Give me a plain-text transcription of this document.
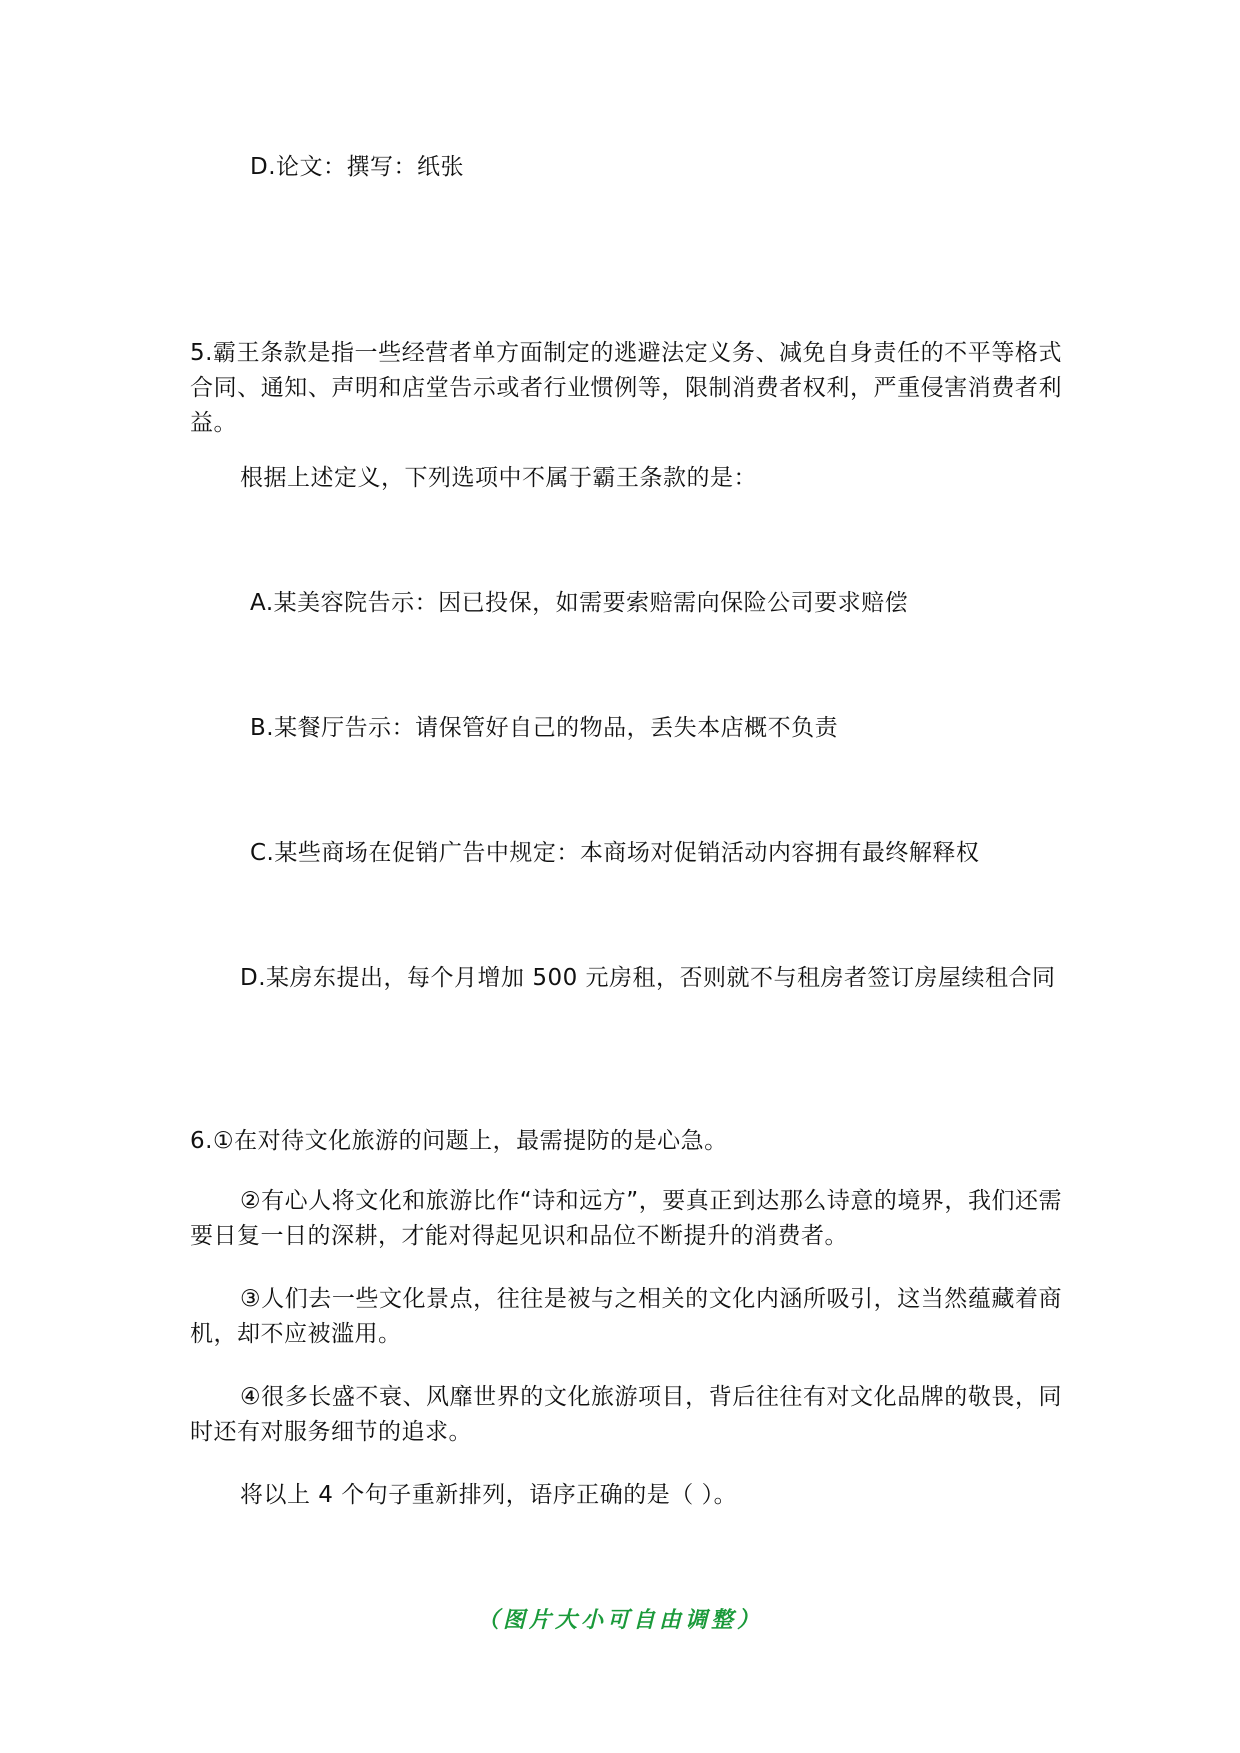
D.论文：撰写：纸张
5.霸王条款是指一些经营者单方面制定的逃避法定义务、减免自身责任的不平等格式合同、通知、声明和店堂告示或者行业惯例等，限制消费者权利，严重侵害消费者利益。
根据上述定义，下列选项中不属于霸王条款的是：
A.某美容院告示：因已投保，如需要索赔需向保险公司要求赔偿
B.某餐厅告示：请保管好自己的物品，丢失本店概不负责
C.某些商场在促销广告中规定：本商场对促销活动内容拥有最终解释权
D.某房东提出，每个月增加 500 元房租，否则就不与租房者签订房屋续租合同
6.①在对待文化旅游的问题上，最需提防的是心急。
②有心人将文化和旅游比作“诗和远方”，要真正到达那么诗意的境界，我们还需要日复一日的深耕，才能对得起见识和品位不断提升的消费者。
③人们去一些文化景点，往往是被与之相关的文化内涵所吸引，这当然蕴藏着商机，却不应被滥用。
④很多长盛不衰、风靡世界的文化旅游项目，背后往往有对文化品牌的敬畏，同时还有对服务细节的追求。
将以上 4 个句子重新排列，语序正确的是（ ）。
（图片大小可自由调整）
